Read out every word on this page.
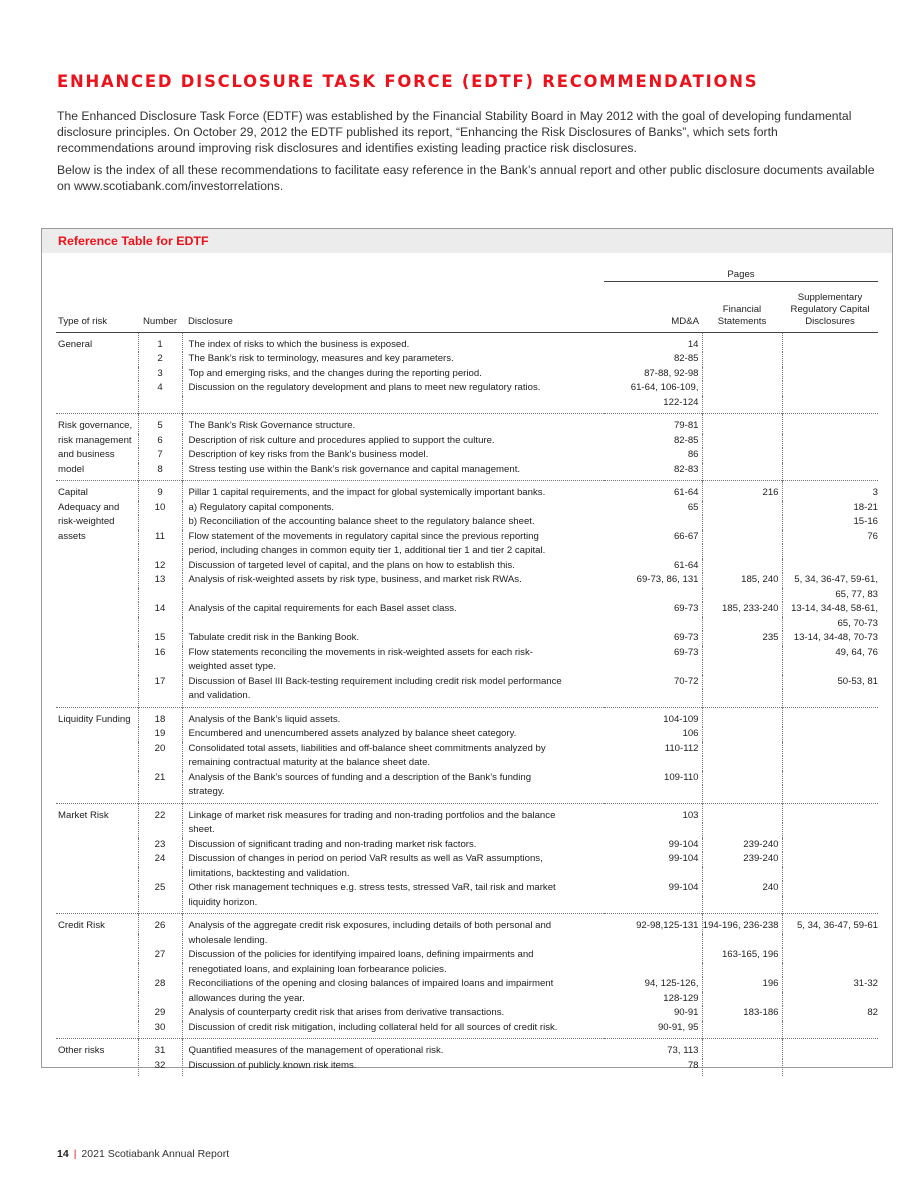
ENHANCED DISCLOSURE TASK FORCE (EDTF) RECOMMENDATIONS

The Enhanced Disclosure Task Force (EDTF) was established by the Financial Stability Board in May 2012 with the goal of developing fundamental disclosure principles. On October 29, 2012 the EDTF published its report, “Enhancing the Risk Disclosures of Banks”, which sets forth recommendations around improving risk disclosures and identifies existing leading practice risk disclosures.

Below is the index of all these recommendations to facilitate easy reference in the Bank’s annual report and other public disclosure documents available on www.scotiabank.com/investorrelations.

Reference Table for EDTF
			Pages		
Type of risk	Number	Disclosure	MD&A	Financial Statements	Supplementary Regulatory Capital Disclosures
General	1	The index of risks to which the business is exposed.	14		
	2	The Bank’s risk to terminology, measures and key parameters.	82-85		
	3	Top and emerging risks, and the changes during the reporting period.	87-88, 92-98		
	4	Discussion on the regulatory development and plans to meet new regulatory ratios.	61-64, 106-109,		
			122-124		
Risk governance,	5	The Bank’s Risk Governance structure.	79-81		
risk management	6	Description of risk culture and procedures applied to support the culture.	82-85		
and business	7	Description of key risks from the Bank’s business model.	86		
model	8	Stress testing use within the Bank’s risk governance and capital management.	82-83		
Capital	9	Pillar 1 capital requirements, and the impact for global systemically important banks.	61-64	216	3
Adequacy and	10	a) Regulatory capital components.	65		18-21
risk-weighted		b) Reconciliation of the accounting balance sheet to the regulatory balance sheet.			15-16
assets	11	Flow statement of the movements in regulatory capital since the previous reporting	66-67		76
		period, including changes in common equity tier 1, additional tier 1 and tier 2 capital.			
	12	Discussion of targeted level of capital, and the plans on how to establish this.	61-64		
	13	Analysis of risk-weighted assets by risk type, business, and market risk RWAs.	69-73, 86, 131	185, 240	5, 34, 36-47, 59-61,
					65, 77, 83
	14	Analysis of the capital requirements for each Basel asset class.	69-73	185, 233-240	13-14, 34-48, 58-61,
					65, 70-73
	15	Tabulate credit risk in the Banking Book.	69-73	235	13-14, 34-48, 70-73
	16	Flow statements reconciling the movements in risk-weighted assets for each risk-	69-73		49, 64, 76
		weighted asset type.			
	17	Discussion of Basel III Back-testing requirement including credit risk model performance	70-72		50-53, 81
		and validation.			
Liquidity Funding	18	Analysis of the Bank’s liquid assets.	104-109		
	19	Encumbered and unencumbered assets analyzed by balance sheet category.	106		
	20	Consolidated total assets, liabilities and off-balance sheet commitments analyzed by	110-112		
		remaining contractual maturity at the balance sheet date.			
	21	Analysis of the Bank’s sources of funding and a description of the Bank’s funding	109-110		
		strategy.			
Market Risk	22	Linkage of market risk measures for trading and non-trading portfolios and the balance	103		
		sheet.			
	23	Discussion of significant trading and non-trading market risk factors.	99-104	239-240	
	24	Discussion of changes in period on period VaR results as well as VaR assumptions,	99-104	239-240	
		limitations, backtesting and validation.			
	25	Other risk management techniques e.g. stress tests, stressed VaR, tail risk and market	99-104	240	
		liquidity horizon.			
Credit Risk	26	Analysis of the aggregate credit risk exposures, including details of both personal and	92-98,125-131	194-196, 236-238	5, 34, 36-47, 59-61
		wholesale lending.			
	27	Discussion of the policies for identifying impaired loans, defining impairments and		163-165, 196	
		renegotiated loans, and explaining loan forbearance policies.			
	28	Reconciliations of the opening and closing balances of impaired loans and impairment	94, 125-126,	196	31-32
		allowances during the year.	128-129		
	29	Analysis of counterparty credit risk that arises from derivative transactions.	90-91	183-186	82
	30	Discussion of credit risk mitigation, including collateral held for all sources of credit risk.	90-91, 95		
Other risks	31	Quantified measures of the management of operational risk.	73, 113		
	32	Discussion of publicly known risk items.	78		
14 | 2021 Scotiabank Annual Report
